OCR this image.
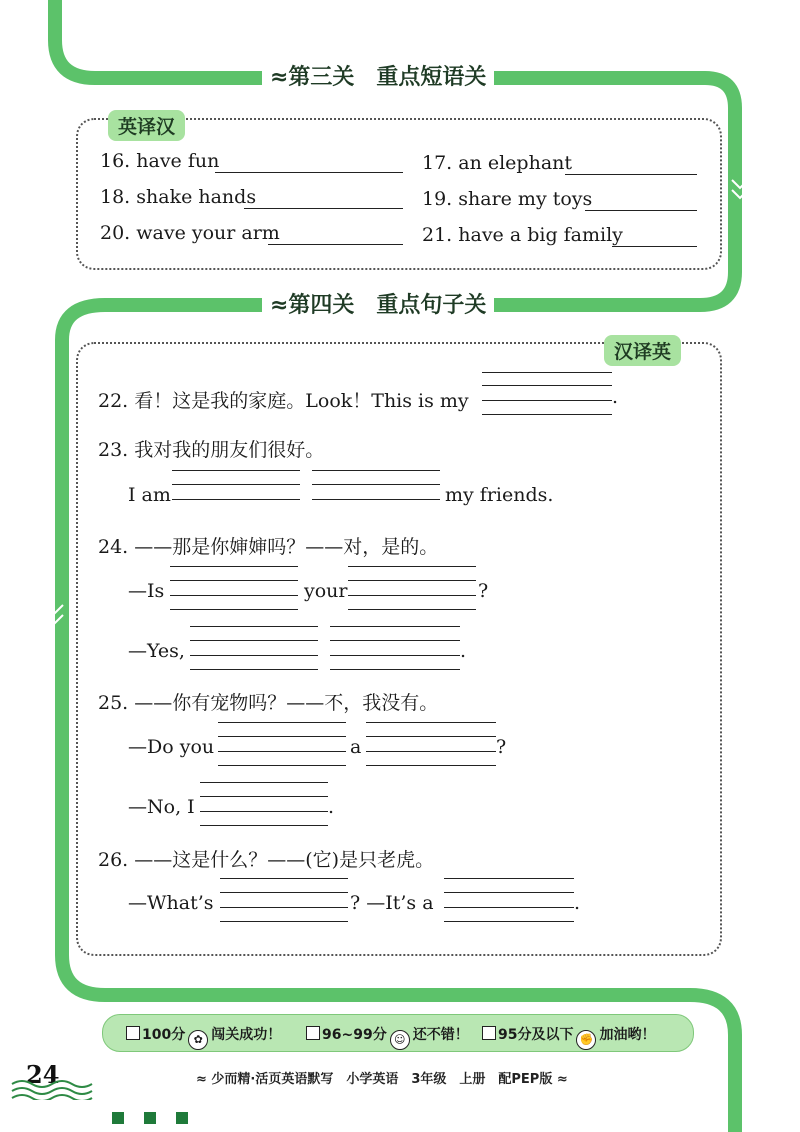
≈第三关　重点短语关
英译汉
16. have fun	17. an elephant
18. shake hands	19. share my toys
20. wave your arm	21. have a big family
≈第四关　重点句子关
汉译英
22. 看！这是我的家庭。Look！This is my	.
23. 我对我的朋友们很好。
I am	my friends.
24. ——那是你婶婶吗？——对，是的。
—Is	your	?
—Yes,	.
25. ——你有宠物吗？——不，我没有。
—Do you	a	?
—No, I	.
26. ——这是什么？——(它)是只老虎。
—What’s	? —It’s a	.
100分 ✿ 闯关成功！	96~99分 ☺ 还不错！	95分及以下 ✊ 加油哟！
≈ 少而精·活页英语默写　小学英语　3年级　上册　配PEP版 ≈
24
